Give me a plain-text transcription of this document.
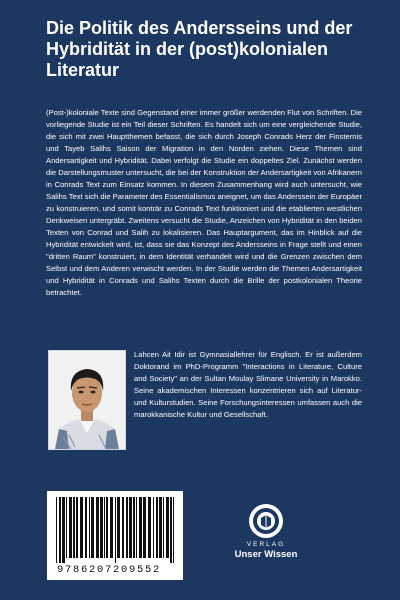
Die Politik des Andersseins und der Hybridität in der (post)kolonialen Literatur

(Post-)koloniale Texte sind Gegenstand einer immer größer werdenden Flut von Schriften. Die vorliegende Studie ist ein Teil dieser Schriften. Es handelt sich um eine vergleichende Studie, die sich mit zwei Hauptthemen befasst, die sich durch Joseph Conrads Herz der Finsternis und Tayeb Salihs Saison der Migration in den Norden ziehen. Diese Themen sind Andersartigkeit und Hybridität. Dabei verfolgt die Studie ein doppeltes Ziel. Zunächst werden die Darstellungsmuster untersucht, die bei der Konstruktion der Andersartigkeit von Afrikanern in Conrads Text zum Einsatz kommen. In diesem Zusammenhang wird auch untersucht, wie Salihs Text sich die Parameter des Essentialismus aneignet, um das Anderssein der Europäer zu konstruieren, und somit konträr zu Conrads Text funktioniert und die etablierten westlichen Denkweisen untergräbt. Zweitens versucht die Studie, Anzeichen von Hybridität in den beiden Texten von Conrad und Salih zu lokalisieren. Das Hauptargument, das im Hinblick auf die Hybridität entwickelt wird, ist, dass sie das Konzept des Andersseins in Frage stellt und einen "dritten Raum" konstruiert, in dem Identität verhandelt wird und die Grenzen zwischen dem Selbst und dem Anderen verwischt werden. In der Studie werden die Themen Andersartigkeit und Hybridität in Conrads und Salihs Texten durch die Brille der postkolonialen Theorie betrachtet.

Lahcen Ait Idir ist Gymnasiallehrer für Englisch. Er ist außerdem Doktorand im PhD-Programm "Interactions in Literature, Culture and Society" an der Sultan Moulay Slimane University in Marokko. Seine akademischen Interessen konzentrieren sich auf Literatur- und Kulturstudien. Seine Forschungsinteressen umfassen auch die marokkanische Kultur und Gesellschaft.

9786207209552
VERLAG
Unser Wissen
